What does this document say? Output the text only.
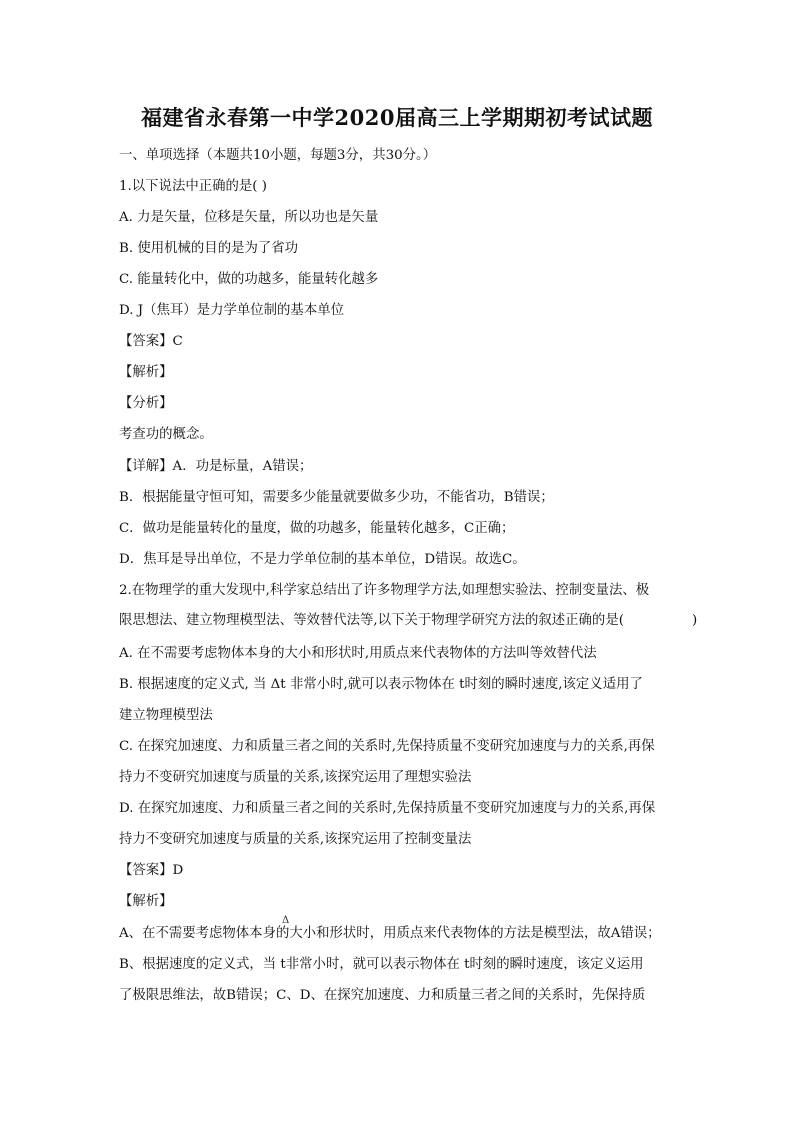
福建省永春第一中学2020届高三上学期期初考试试题
一、单项选择（本题共10小题，每题3分，共30分。）
1.以下说法中正确的是( )
A. 力是矢量，位移是矢量，所以功也是矢量
B. 使用机械的目的是为了省功
C. 能量转化中，做的功越多，能量转化越多
D. J（焦耳）是力学单位制的基本单位
【答案】C
【解析】
【分析】
考查功的概念。
【详解】A．功是标量，A错误；
B．根据能量守恒可知，需要多少能量就要做多少功，不能省功，B错误；
C．做功是能量转化的量度，做的功越多，能量转化越多，C正确；
D．焦耳是导出单位，不是力学单位制的基本单位，D错误。故选C。
2.在物理学的重大发现中,科学家总结出了许多物理学方法,如理想实验法、控制变量法、极
限思想法、建立物理模型法、等效替代法等,以下关于物理学研究方法的叙述正确的是(	)
A. 在不需要考虑物体本身的大小和形状时,用质点来代表物体的方法叫等效替代法
B. 根据速度的定义式, 当 Δt 非常小时,就可以表示物体在 t时刻的瞬时速度,该定义适用了
建立物理模型法
C. 在探究加速度、力和质量三者之间的关系时,先保持质量不变研究加速度与力的关系,再保
持力不变研究加速度与质量的关系,该探究运用了理想实验法
D. 在探究加速度、力和质量三者之间的关系时,先保持质量不变研究加速度与力的关系,再保
持力不变研究加速度与质量的关系,该探究运用了控制变量法
【答案】D
【解析】
Δ
A、在不需要考虑物体本身的大小和形状时，用质点来代表物体的方法是模型法，故A错误；
B、根据速度的定义式，当 t非常小时，就可以表示物体在 t时刻的瞬时速度，该定义运用
了极限思维法，故B错误；C、D、在探究加速度、力和质量三者之间的关系时，先保持质
